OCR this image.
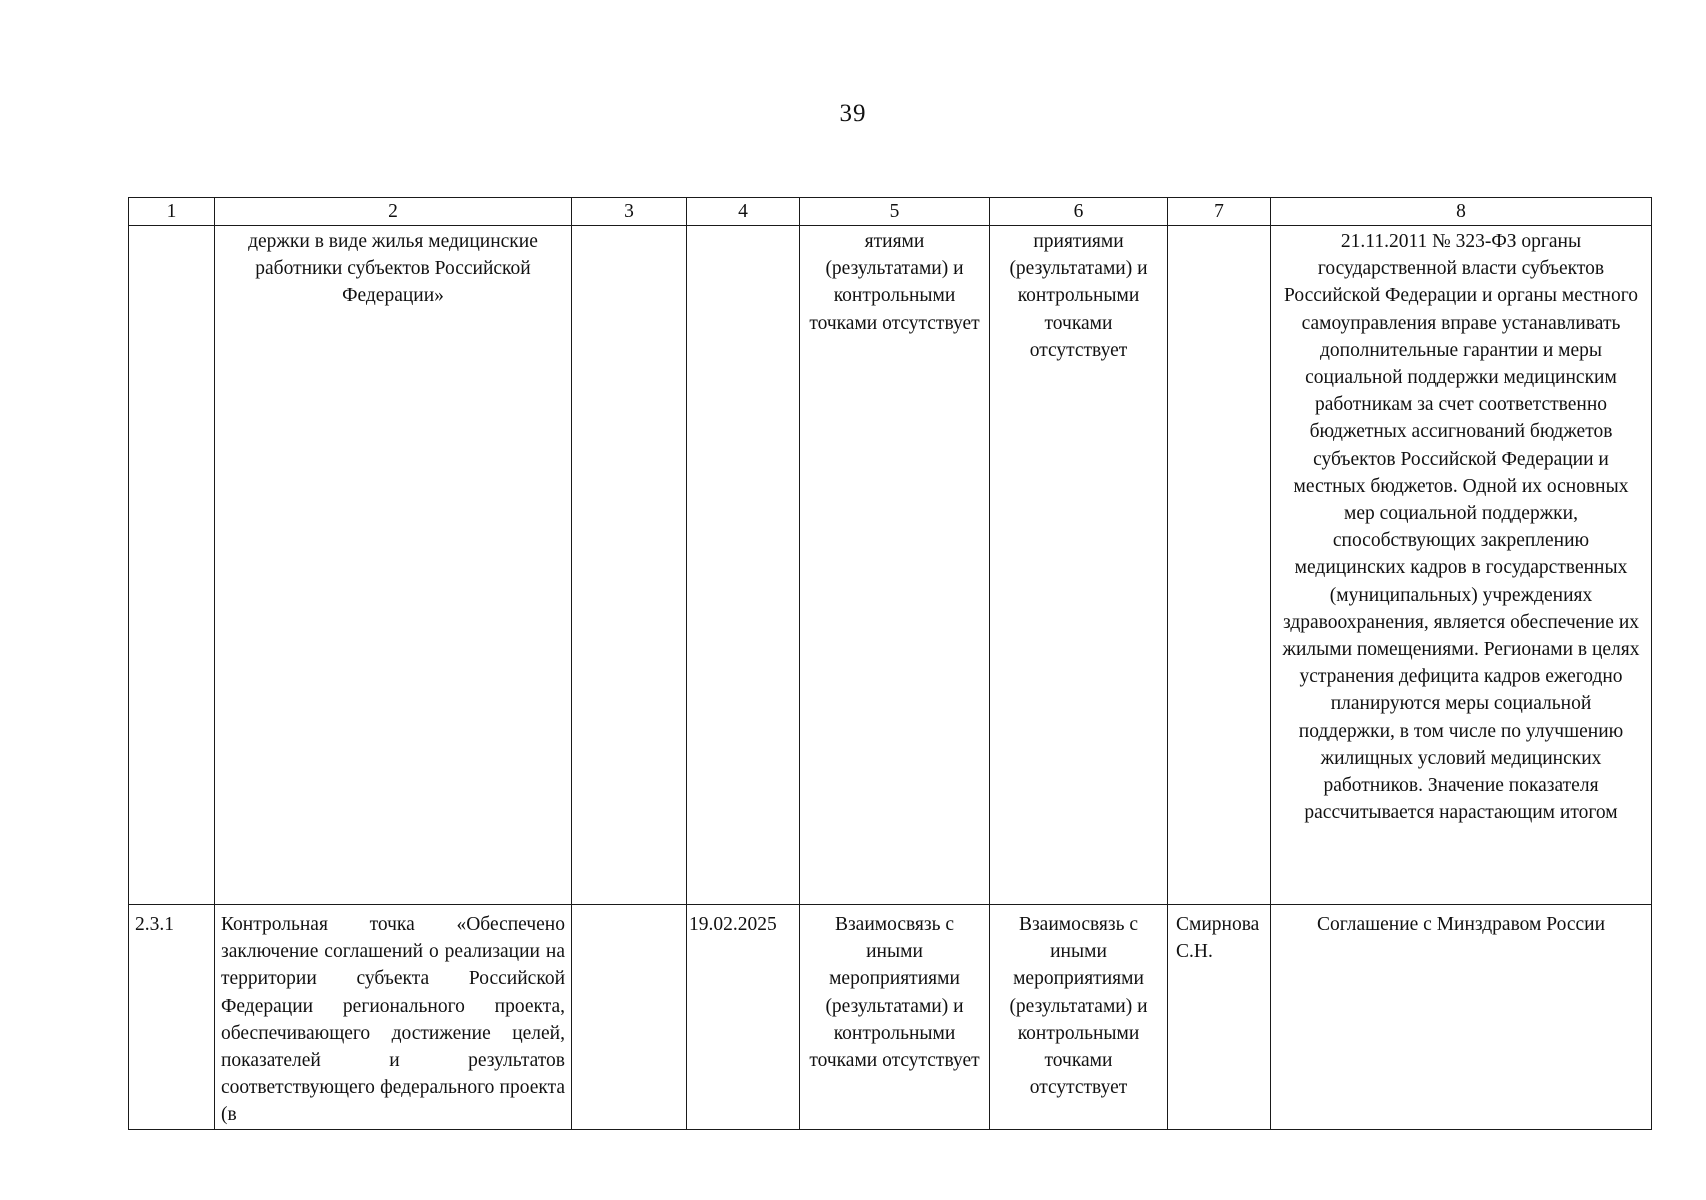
39
1	2	3	4	5	6	7	8
	держки в виде жилья медицинские работники субъектов Российской Федерации»			ятиями (результатами) и контрольными точками отсутствует	приятиями (результатами) и контрольными точками отсутствует		21.11.2011 № 323-ФЗ органы государственной власти субъектов Российской Федерации и органы местного самоуправления вправе устанавливать дополнительные гарантии и меры социальной поддержки медицинским работникам за счет соответственно бюджетных ассигнований бюджетов субъектов Российской Федерации и местных бюджетов. Одной их основных мер социальной поддержки, способствующих закреплению медицинских кадров в государственных (муниципальных) учреждениях здравоохранения, является обеспечение их жилыми помещениями. Регионами в целях устранения дефицита кадров ежегодно планируются меры социальной поддержки, в том числе по улучшению жилищных условий медицинских работников. Значение показателя рассчитывается нарастающим итогом
2.3.1	Контрольная точка «Обеспечено заключение соглашений о реализации на территории субъекта Российской Федерации регионального проекта, обеспечивающего достижение целей, показателей и результатов соответствующего федерального проекта (в		19.02.2025	Взаимосвязь с иными мероприятиями (результатами) и контрольными точками отсутствует	Взаимосвязь с иными мероприятиями (результатами) и контрольными точками отсутствует	Смирнова С.Н.	Соглашение с Минздравом России
